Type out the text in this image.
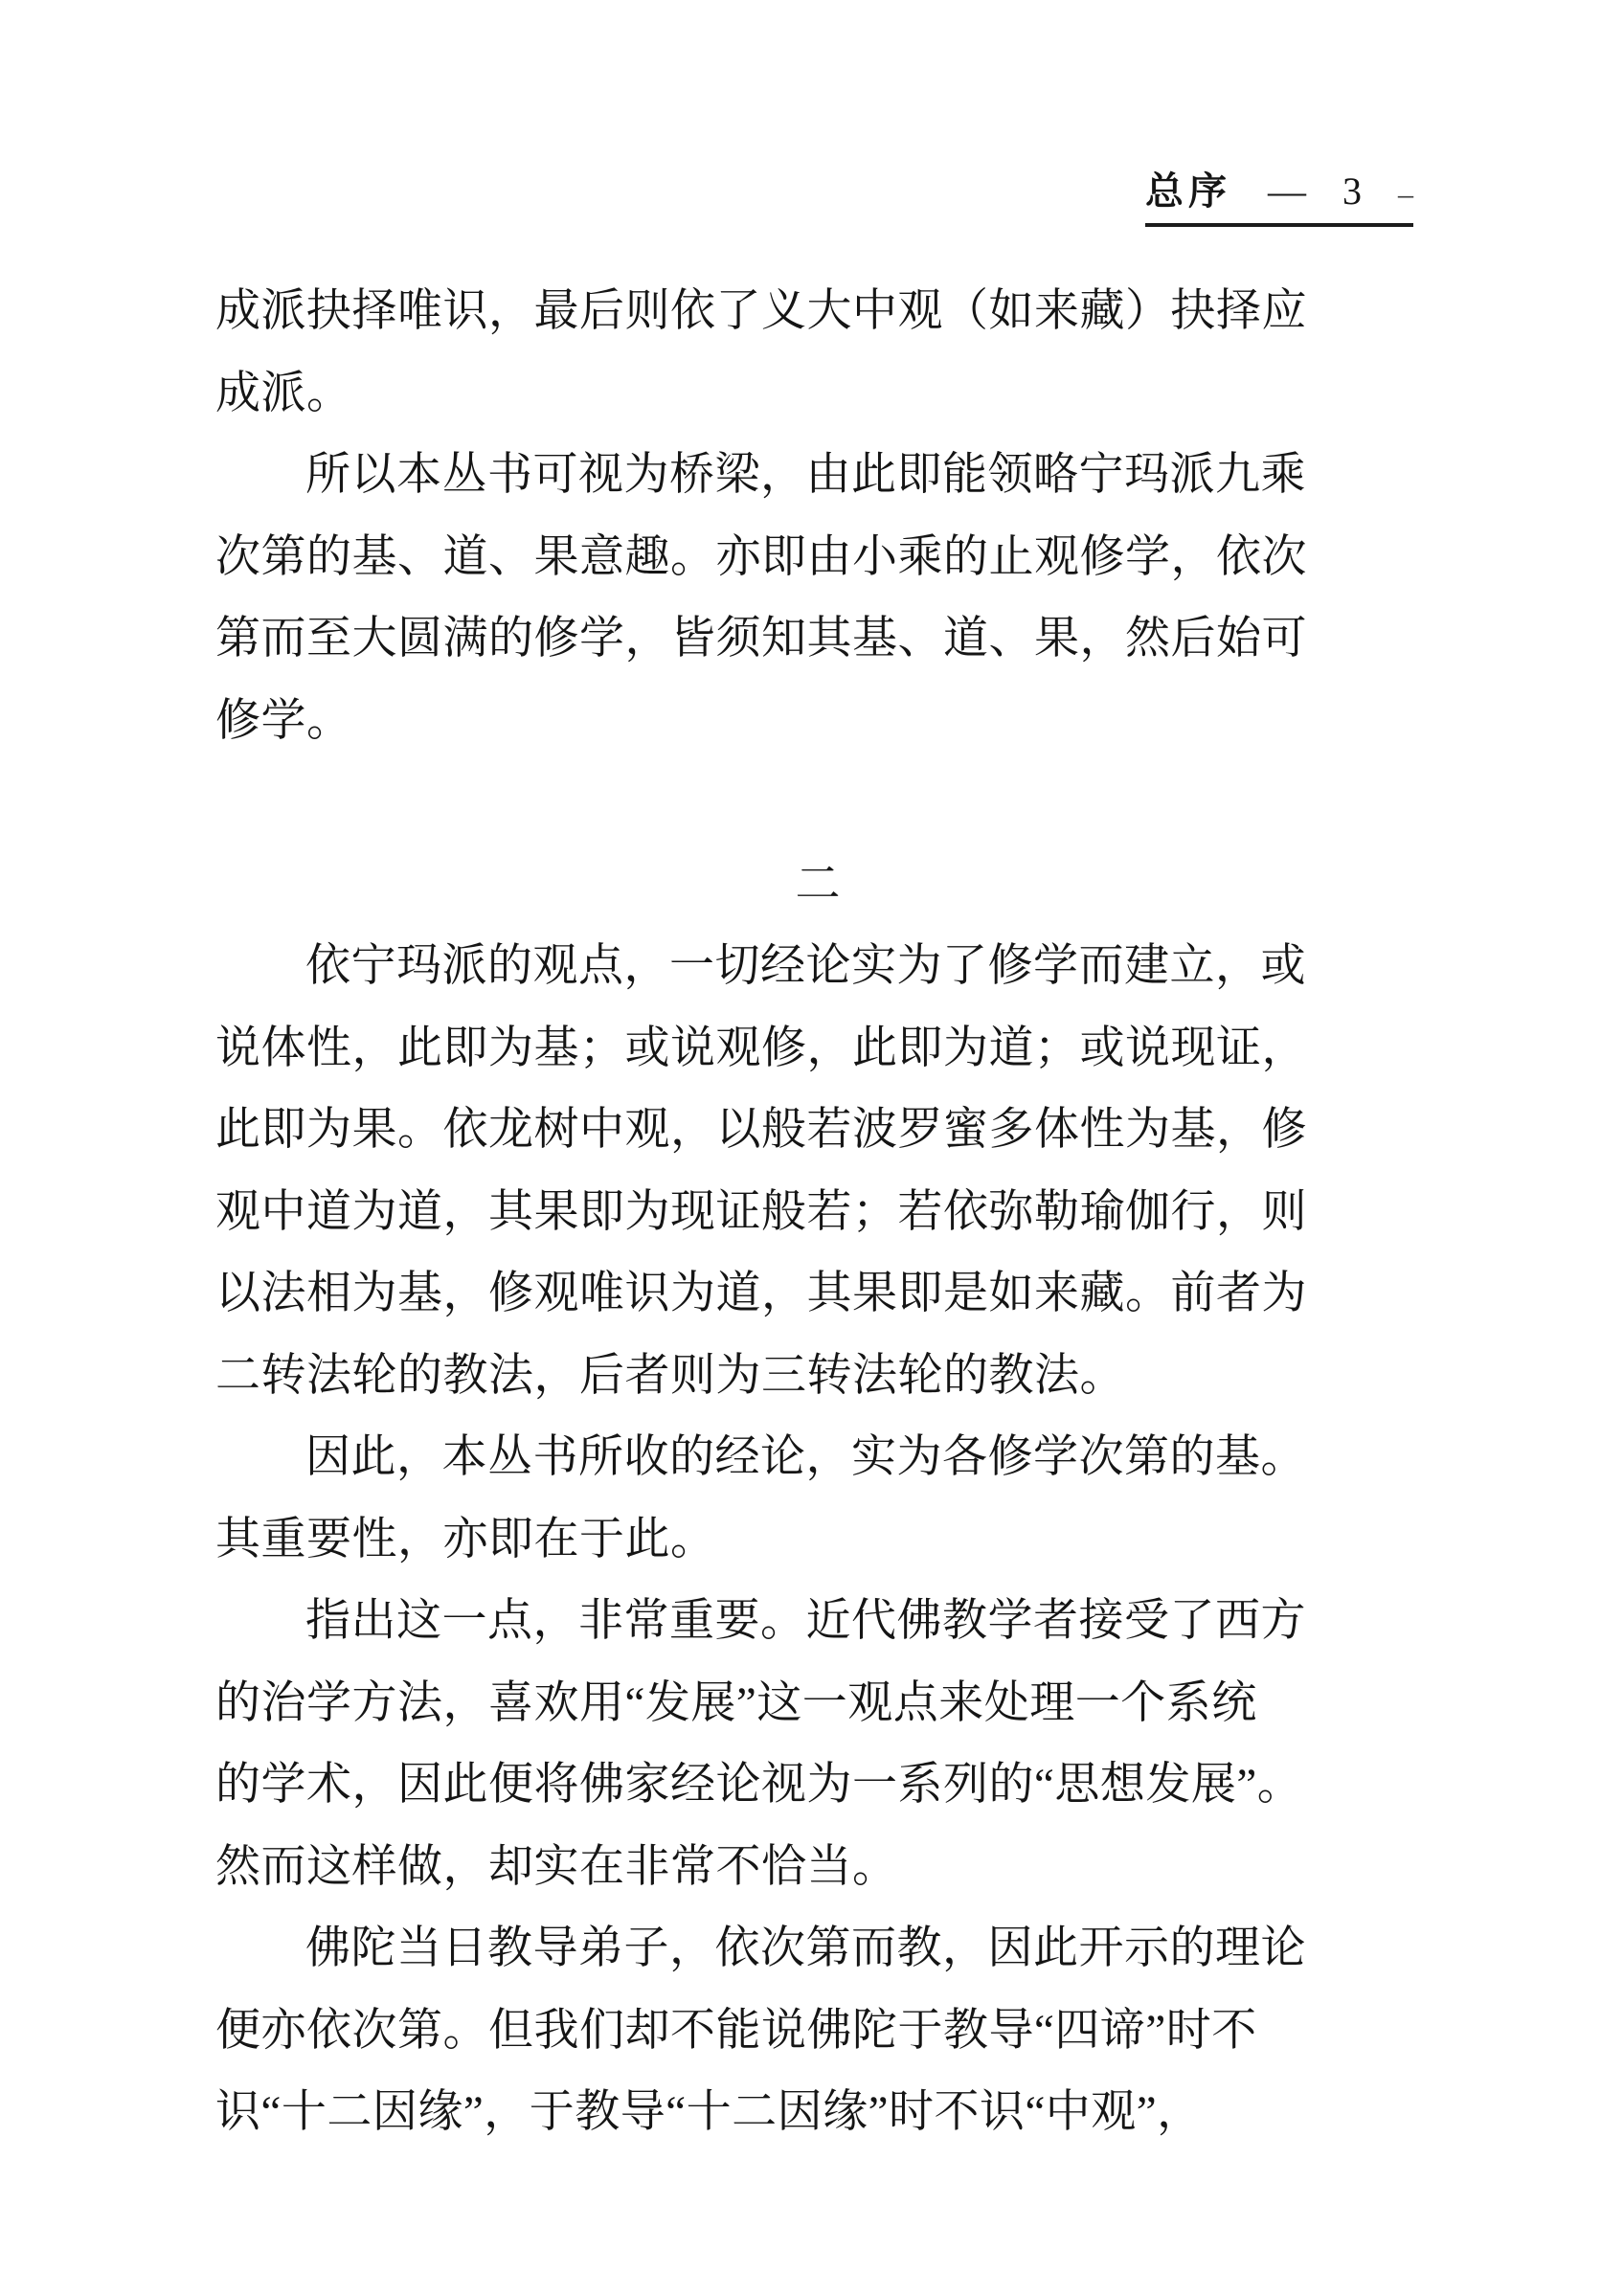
总序 — 3 –
成派抉择唯识，最后则依了义大中观（如来藏）抉择应
成派。
所以本丛书可视为桥梁，由此即能领略宁玛派九乘
次第的基、道、果意趣。亦即由小乘的止观修学，依次
第而至大圆满的修学，皆须知其基、道、果，然后始可
修学。
二
依宁玛派的观点，一切经论实为了修学而建立，或
说体性，此即为基；或说观修，此即为道；或说现证，
此即为果。依龙树中观，以般若波罗蜜多体性为基，修
观中道为道，其果即为现证般若；若依弥勒瑜伽行，则
以法相为基，修观唯识为道，其果即是如来藏。前者为
二转法轮的教法，后者则为三转法轮的教法。
因此，本丛书所收的经论，实为各修学次第的基。
其重要性，亦即在于此。
指出这一点，非常重要。近代佛教学者接受了西方
的治学方法，喜欢用“发展”这一观点来处理一个系统
的学术，因此便将佛家经论视为一系列的“思想发展”。
然而这样做，却实在非常不恰当。
佛陀当日教导弟子，依次第而教，因此开示的理论
便亦依次第。但我们却不能说佛陀于教导“四谛”时不
识“十二因缘”，于教导“十二因缘”时不识“中观”，
